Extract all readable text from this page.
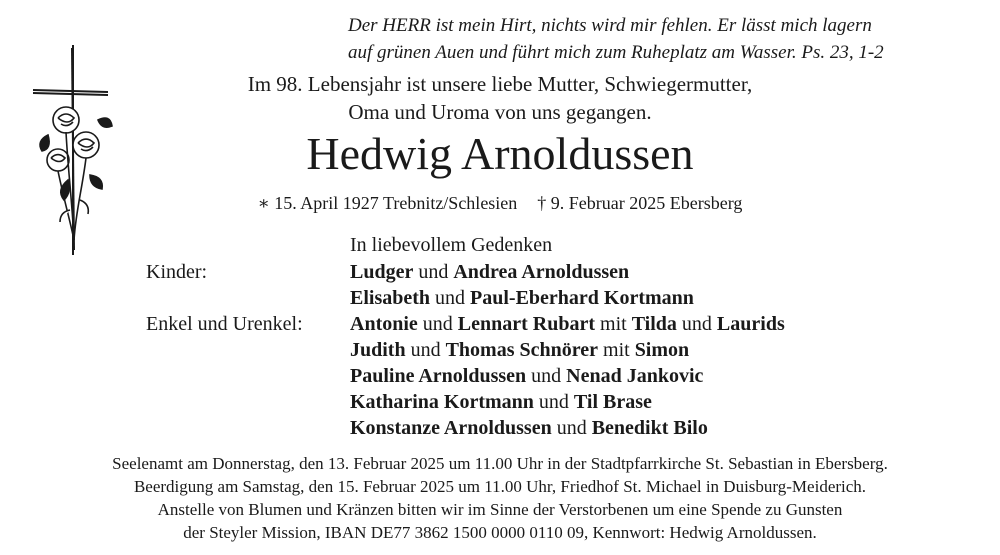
Der HERR ist mein Hirt, nichts wird mir fehlen. Er lässt mich lagern
auf grünen Auen und führt mich zum Ruheplatz am Wasser. Ps. 23, 1-2
Im 98. Lebensjahr ist unsere liebe Mutter, Schwiegermutter,
Oma und Uroma von uns gegangen.
Hedwig Arnoldussen
∗ 15. April 1927 Trebnitz/Schlesien † 9. Februar 2025 Ebersberg
In liebevollem Gedenken
Kinder:
Enkel und Urenkel:
Ludger und Andrea Arnoldussen
Elisabeth und Paul-Eberhard Kortmann
Antonie und Lennart Rubart mit Tilda und Laurids
Judith und Thomas Schnörer mit Simon
Pauline Arnoldussen und Nenad Jankovic
Katharina Kortmann und Til Brase
Konstanze Arnoldussen und Benedikt Bilo
Seelenamt am Donnerstag, den 13. Februar 2025 um 11.00 Uhr in der Stadtpfarrkirche St. Sebastian in Ebersberg.
Beerdigung am Samstag, den 15. Februar 2025 um 11.00 Uhr, Friedhof St. Michael in Duisburg-Meiderich.
Anstelle von Blumen und Kränzen bitten wir im Sinne der Verstorbenen um eine Spende zu Gunsten
der Steyler Mission, IBAN DE77 3862 1500 0000 0110 09, Kennwort: Hedwig Arnoldussen.
